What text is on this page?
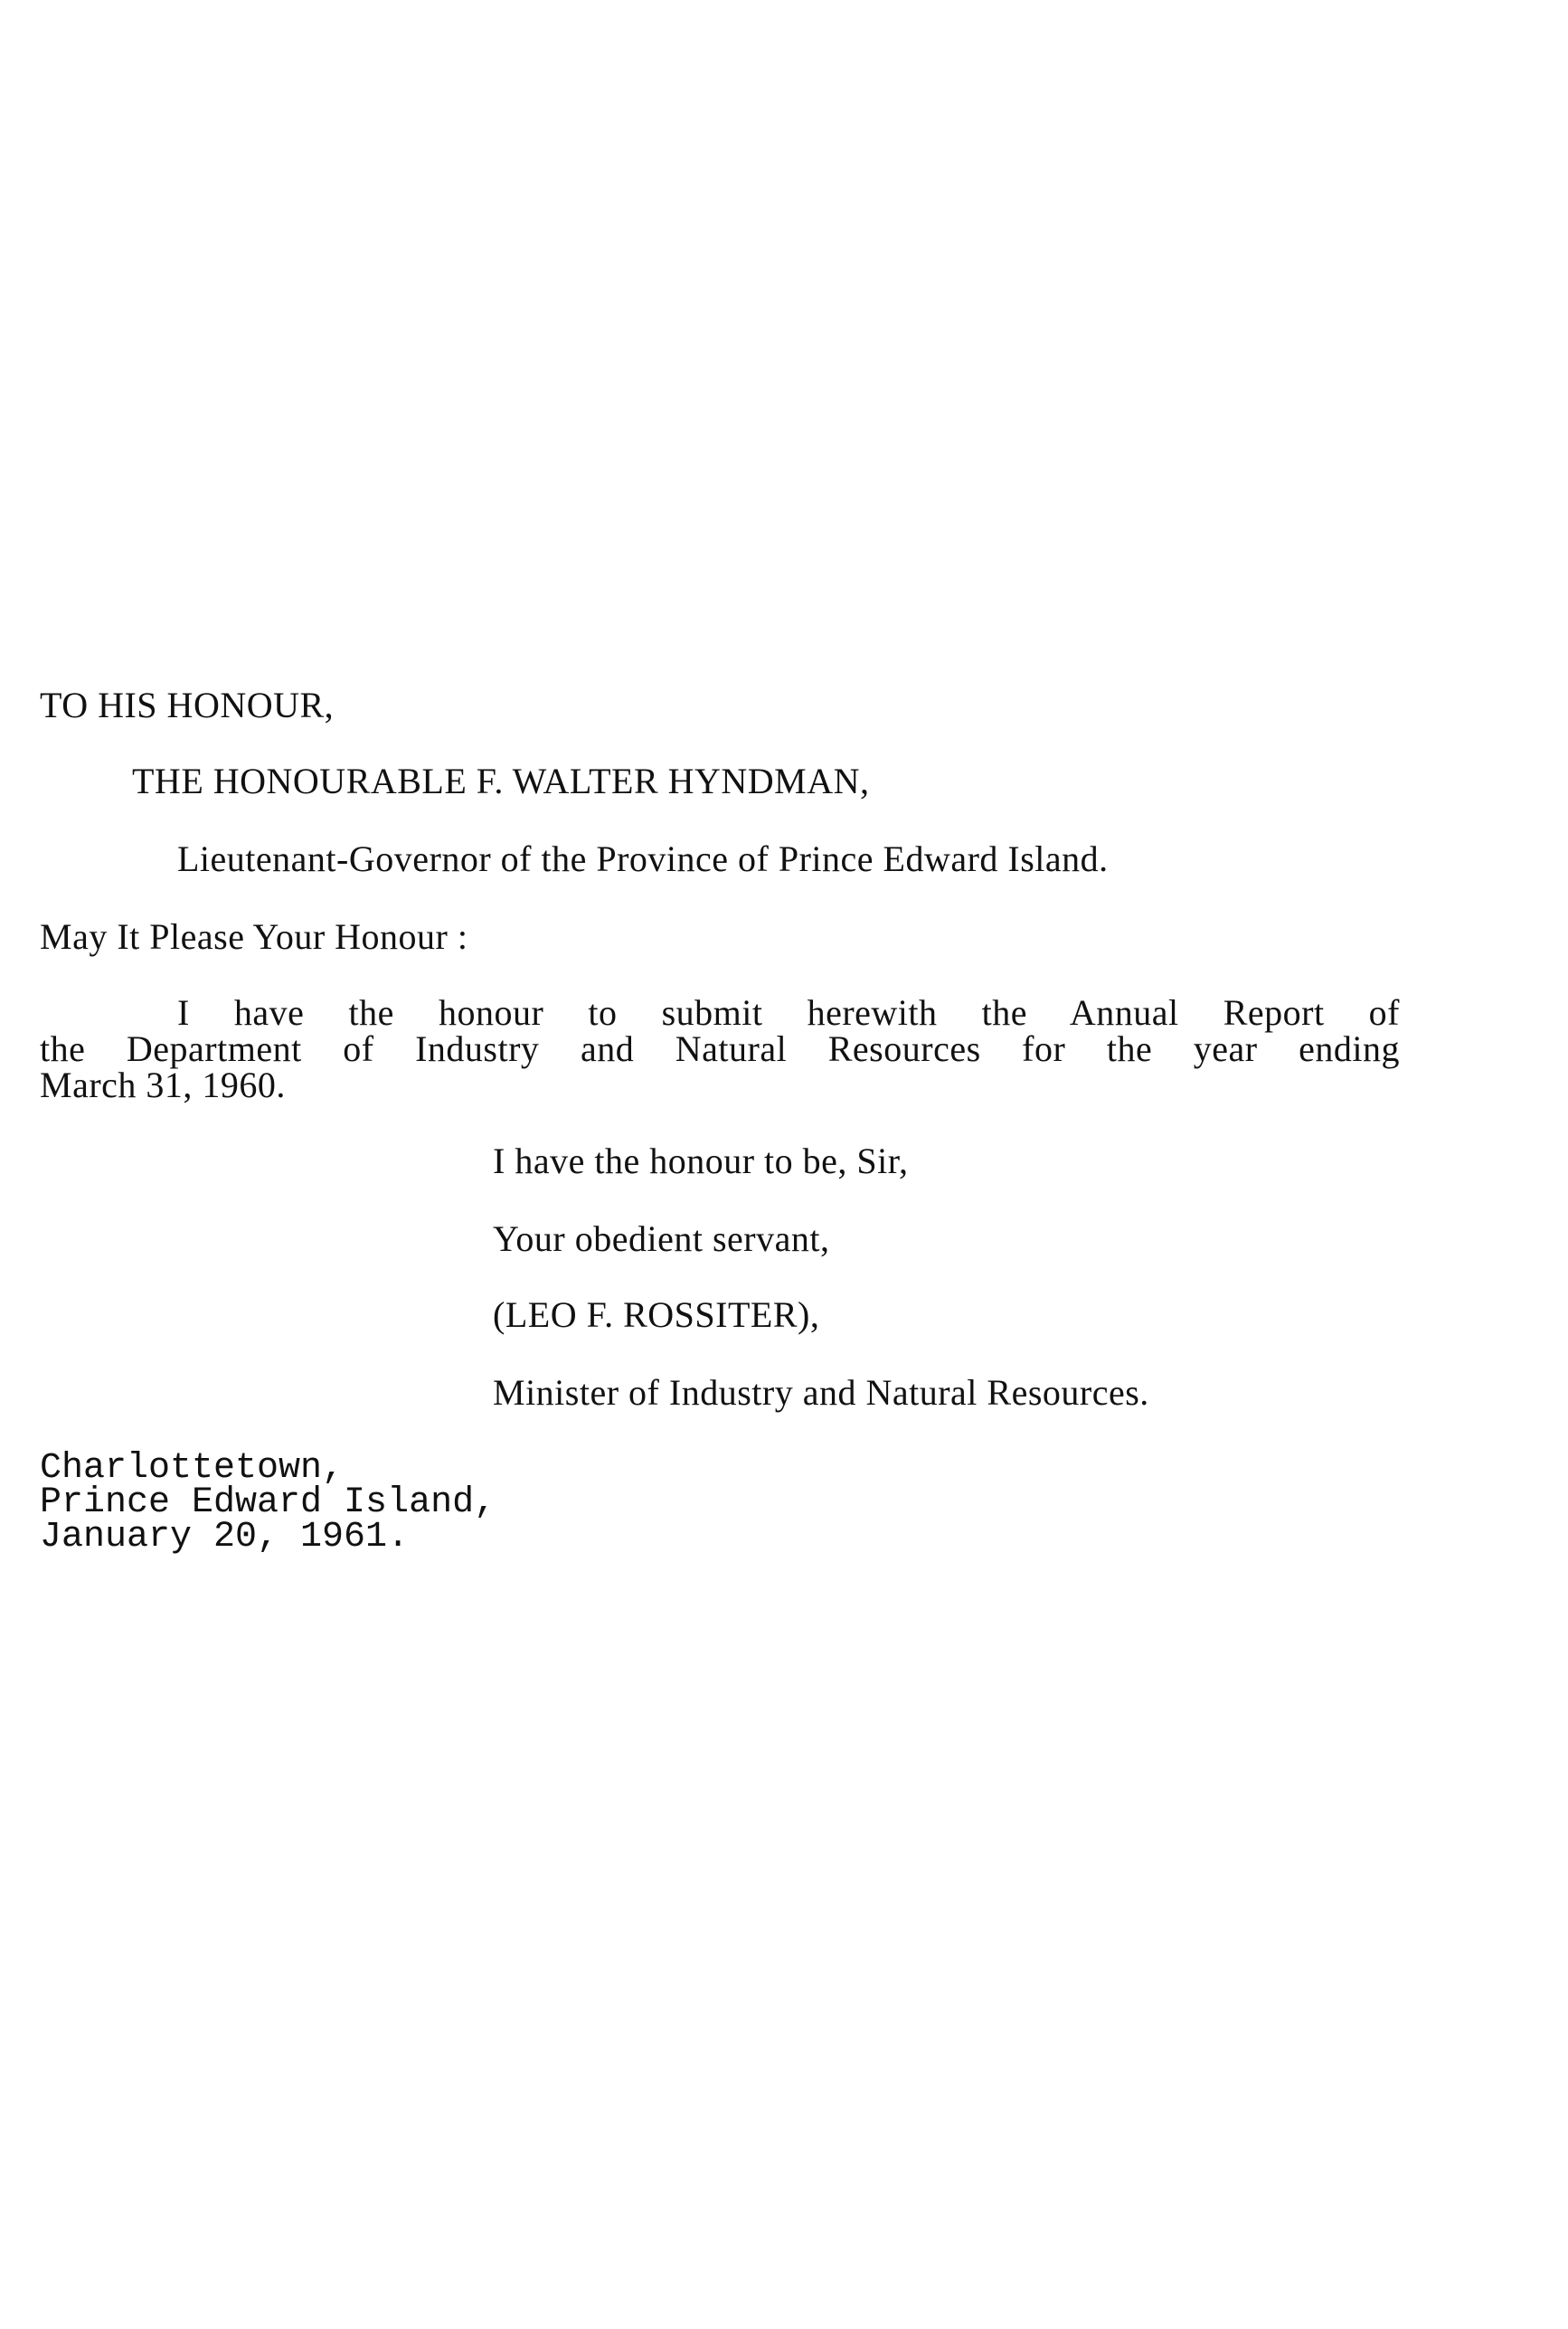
TO HIS HONOUR,
THE HONOURABLE F. WALTER HYNDMAN,
Lieutenant-Governor of the Province of Prince Edward Island.
May It Please Your Honour :
I have the honour to submit herewith the Annual Report of
the Department of Industry and Natural Resources for the year ending
March 31, 1960.
I have the honour to be, Sir,
Your obedient servant,
(LEO F. ROSSITER),
Minister of Industry and Natural Resources.
Charlottetown,
Prince Edward Island,
January 20, 1961.
